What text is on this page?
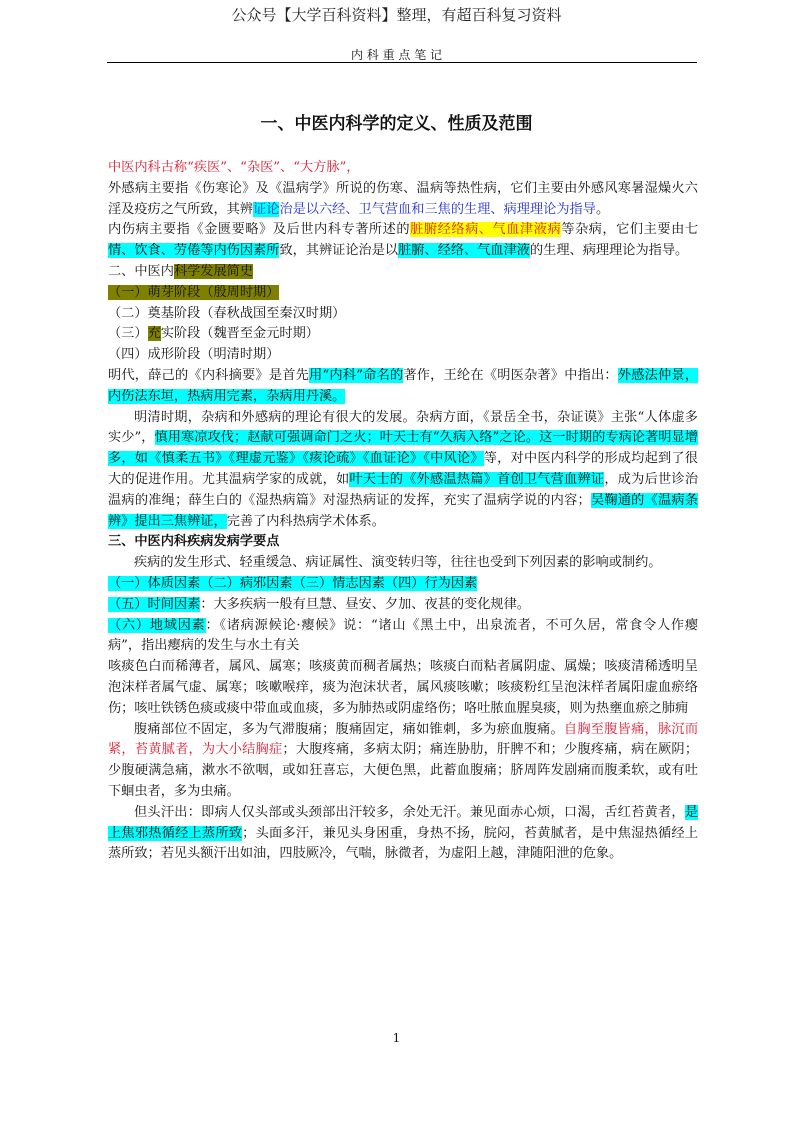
公众号【大学百科资料】整理，有超百科复习资料
内 科 重 点 笔 记
一、中医内科学的定义、性质及范围

中医内科古称“疾医”、“杂医”、“大方脉”，

外感病主要指《伤寒论》及《温病学》所说的伤寒、温病等热性病，它们主要由外感风寒暑湿燥火六淫及疫疠之气所致，其辨证论治是以六经、卫气营血和三焦的生理、病理理论为指导。

内伤病主要指《金匮要略》及后世内科专著所述的脏腑经络病、气血津液病等杂病，它们主要由七情、饮食、劳倦等内伤因素所致，其辨证论治是以脏腑、经络、气血津液的生理、病理理论为指导。

二、中医内科学发展简史

（一）萌芽阶段（殷周时期）

（二）奠基阶段（春秋战国至秦汉时期）

（三）充实阶段（魏晋至金元时期）

（四）成形阶段（明清时期）

明代，薛己的《内科摘要》是首先用“内科”命名的著作，王纶在《明医杂著》中指出：外感法仲景，内伤法东垣，热病用完素，杂病用丹溪。

明清时期，杂病和外感病的理论有很大的发展。杂病方面，《景岳全书，杂证谟》主张“人体虚多实少”，慎用寒凉攻伐；赵献可强调命门之火；叶天士有“久病入络”之论。这一时期的专病论著明显增多，如《慎柔五书》《理虚元鉴》《痎论疏》《血证论》《中风论》等，对中医内科学的形成均起到了很大的促进作用。尤其温病学家的成就，如叶天士的《外感温热篇》首创卫气营血辨证，成为后世诊治温病的准绳；薛生白的《湿热病篇》对湿热病证的发挥，充实了温病学说的内容；吴鞠通的《温病条辨》提出三焦辨证，完善了内科热病学术体系。

三、中医内科疾病发病学要点

疾病的发生形式、轻重缓急、病证属性、演变转归等，往往也受到下列因素的影响或制约。

（一）体质因素（二）病邪因素（三）情志因素（四）行为因素

（五）时间因素：大多疾病一般有旦慧、昼安、夕加、夜甚的变化规律。

（六）地域因素：《诸病源候论·瘿候》说：“诸山《黑土中，出泉流者，不可久居，常食令人作瘿病”，指出瘿病的发生与水土有关

咳痰色白而稀薄者，属风、属寒；咳痰黄而稠者属热；咳痰白而粘者属阴虚、属燥；咳痰清稀透明呈泡沫样者属气虚、属寒；咳嗽喉痒，痰为泡沫状者，属风痰咳嗽；咳痰粉红呈泡沫样者属阳虚血瘀络伤；咳吐铁锈色痰或痰中带血或血痰，多为肺热或阴虚络伤；咯吐脓血腥臭痰，则为热壅血瘀之肺痈

腹痛部位不固定，多为气滞腹痛；腹痛固定，痛如锥刺，多为瘀血腹痛。自胸至腹皆痛，脉沉而紧，苔黄腻者，为大小结胸症；大腹疼痛，多病太阴；痛连胁肋，肝脾不和；少腹疼痛，病在厥阴；少腹硬满急痛，漱水不欲咽，或如狂喜忘，大便色黑，此蓄血腹痛；脐周阵发剧痛而腹柔软，或有吐下蛔虫者，多为虫痛。

但头汗出：即病人仅头部或头颈部出汗较多，余处无汗。兼见面赤心烦，口渴，舌红苔黄者，是上焦邪热循经上蒸所致；头面多汗，兼见头身困重，身热不扬，脘闷，苔黄腻者，是中焦湿热循经上蒸所致；若见头额汗出如油，四肢厥冷，气喘，脉微者，为虚阳上越，津随阳泄的危象。

1
